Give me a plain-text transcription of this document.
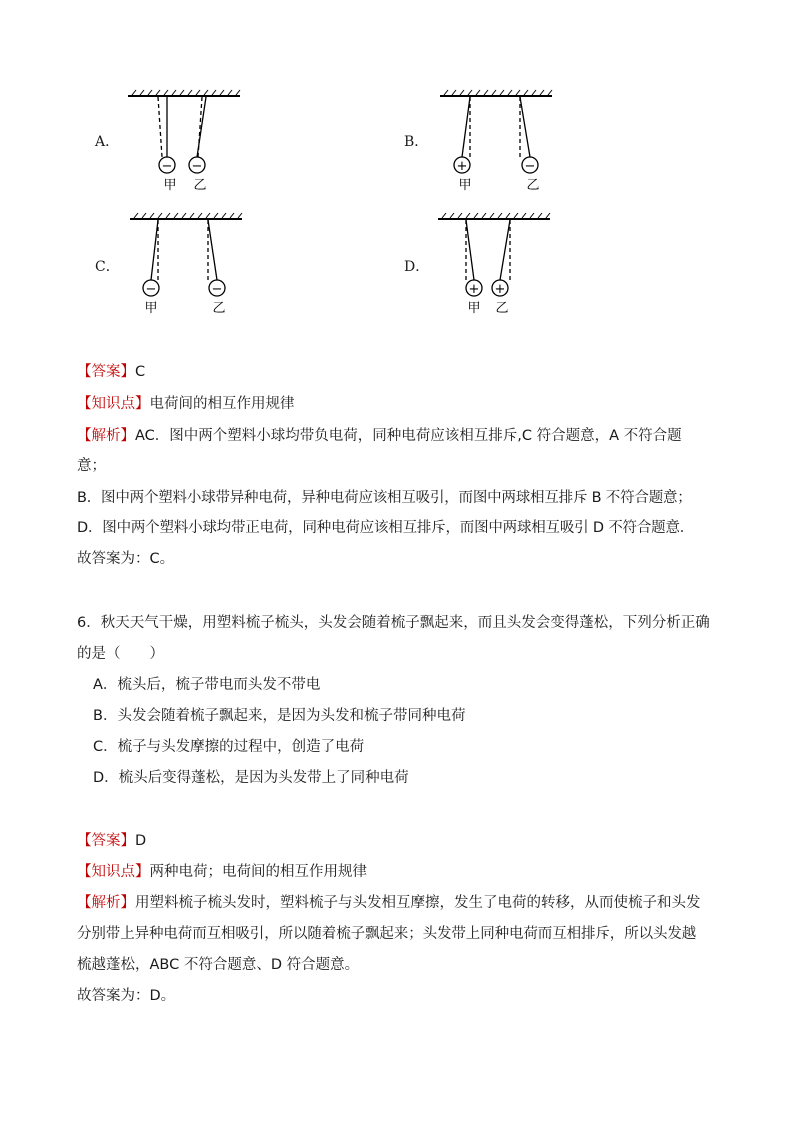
A．
− −
甲 乙
B．
+	−
甲	乙
C．
−	−
甲	乙
D．
+ +
甲 乙
【答案】C
【知识点】电荷间的相互作用规律
【解析】AC．图中两个塑料小球均带负电荷，同种电荷应该相互排斥,C 符合题意，A 不符合题
意；
B．图中两个塑料小球带异种电荷，异种电荷应该相互吸引，而图中两球相互排斥 B 不符合题意；
D．图中两个塑料小球均带正电荷，同种电荷应该相互排斥，而图中两球相互吸引 D 不符合题意．
故答案为：C。
6．秋天天气干燥，用塑料梳子梳头，头发会随着梳子飘起来，而且头发会变得蓬松，下列分析正确
的是（　　）
A．梳头后，梳子带电而头发不带电
B．头发会随着梳子飘起来，是因为头发和梳子带同种电荷
C．梳子与头发摩擦的过程中，创造了电荷
D．梳头后变得蓬松，是因为头发带上了同种电荷
【答案】D
【知识点】两种电荷；电荷间的相互作用规律
【解析】用塑料梳子梳头发时，塑料梳子与头发相互摩擦，发生了电荷的转移，从而使梳子和头发
分别带上异种电荷而互相吸引，所以随着梳子飘起来；头发带上同种电荷而互相排斥，所以头发越
梳越蓬松，ABC 不符合题意、D 符合题意。
故答案为：D。
